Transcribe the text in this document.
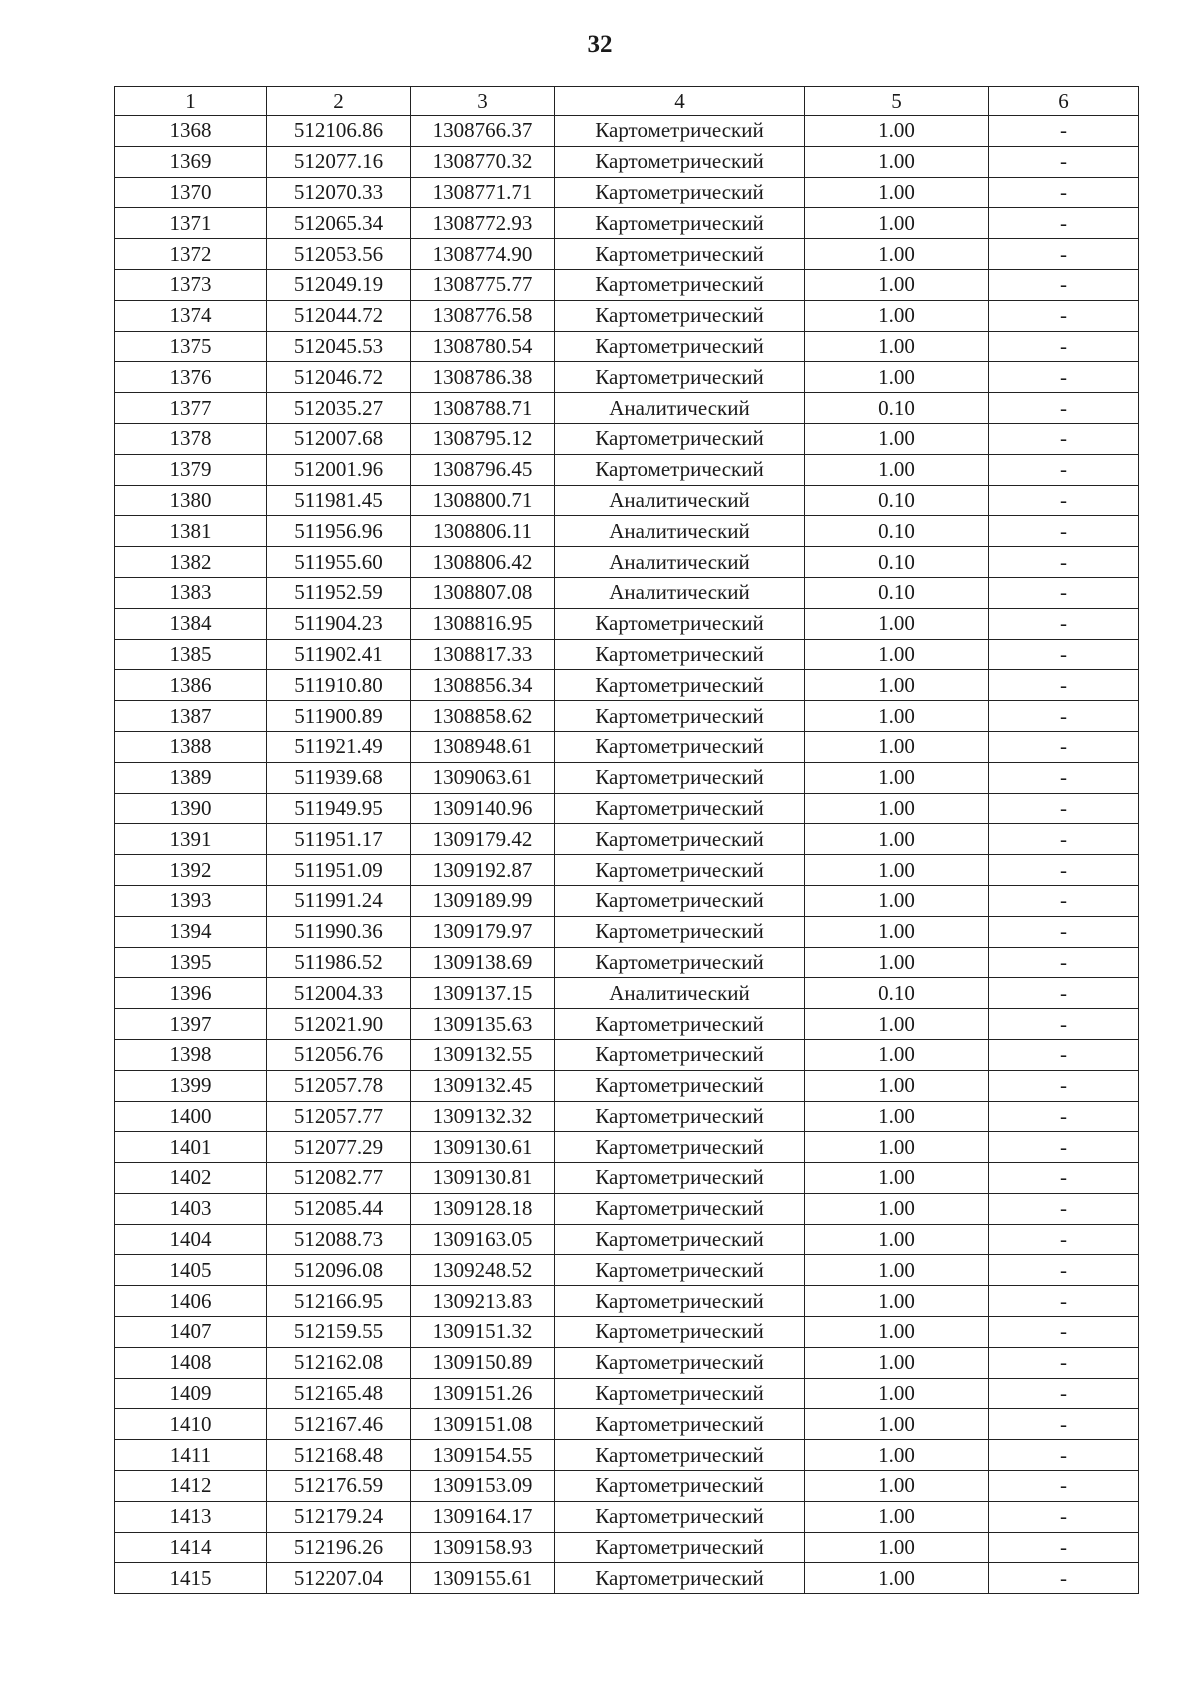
32
1	2	3	4	5	6
1368	512106.86	1308766.37	Картометрический	1.00	-
1369	512077.16	1308770.32	Картометрический	1.00	-
1370	512070.33	1308771.71	Картометрический	1.00	-
1371	512065.34	1308772.93	Картометрический	1.00	-
1372	512053.56	1308774.90	Картометрический	1.00	-
1373	512049.19	1308775.77	Картометрический	1.00	-
1374	512044.72	1308776.58	Картометрический	1.00	-
1375	512045.53	1308780.54	Картометрический	1.00	-
1376	512046.72	1308786.38	Картометрический	1.00	-
1377	512035.27	1308788.71	Аналитический	0.10	-
1378	512007.68	1308795.12	Картометрический	1.00	-
1379	512001.96	1308796.45	Картометрический	1.00	-
1380	511981.45	1308800.71	Аналитический	0.10	-
1381	511956.96	1308806.11	Аналитический	0.10	-
1382	511955.60	1308806.42	Аналитический	0.10	-
1383	511952.59	1308807.08	Аналитический	0.10	-
1384	511904.23	1308816.95	Картометрический	1.00	-
1385	511902.41	1308817.33	Картометрический	1.00	-
1386	511910.80	1308856.34	Картометрический	1.00	-
1387	511900.89	1308858.62	Картометрический	1.00	-
1388	511921.49	1308948.61	Картометрический	1.00	-
1389	511939.68	1309063.61	Картометрический	1.00	-
1390	511949.95	1309140.96	Картометрический	1.00	-
1391	511951.17	1309179.42	Картометрический	1.00	-
1392	511951.09	1309192.87	Картометрический	1.00	-
1393	511991.24	1309189.99	Картометрический	1.00	-
1394	511990.36	1309179.97	Картометрический	1.00	-
1395	511986.52	1309138.69	Картометрический	1.00	-
1396	512004.33	1309137.15	Аналитический	0.10	-
1397	512021.90	1309135.63	Картометрический	1.00	-
1398	512056.76	1309132.55	Картометрический	1.00	-
1399	512057.78	1309132.45	Картометрический	1.00	-
1400	512057.77	1309132.32	Картометрический	1.00	-
1401	512077.29	1309130.61	Картометрический	1.00	-
1402	512082.77	1309130.81	Картометрический	1.00	-
1403	512085.44	1309128.18	Картометрический	1.00	-
1404	512088.73	1309163.05	Картометрический	1.00	-
1405	512096.08	1309248.52	Картометрический	1.00	-
1406	512166.95	1309213.83	Картометрический	1.00	-
1407	512159.55	1309151.32	Картометрический	1.00	-
1408	512162.08	1309150.89	Картометрический	1.00	-
1409	512165.48	1309151.26	Картометрический	1.00	-
1410	512167.46	1309151.08	Картометрический	1.00	-
1411	512168.48	1309154.55	Картометрический	1.00	-
1412	512176.59	1309153.09	Картометрический	1.00	-
1413	512179.24	1309164.17	Картометрический	1.00	-
1414	512196.26	1309158.93	Картометрический	1.00	-
1415	512207.04	1309155.61	Картометрический	1.00	-
